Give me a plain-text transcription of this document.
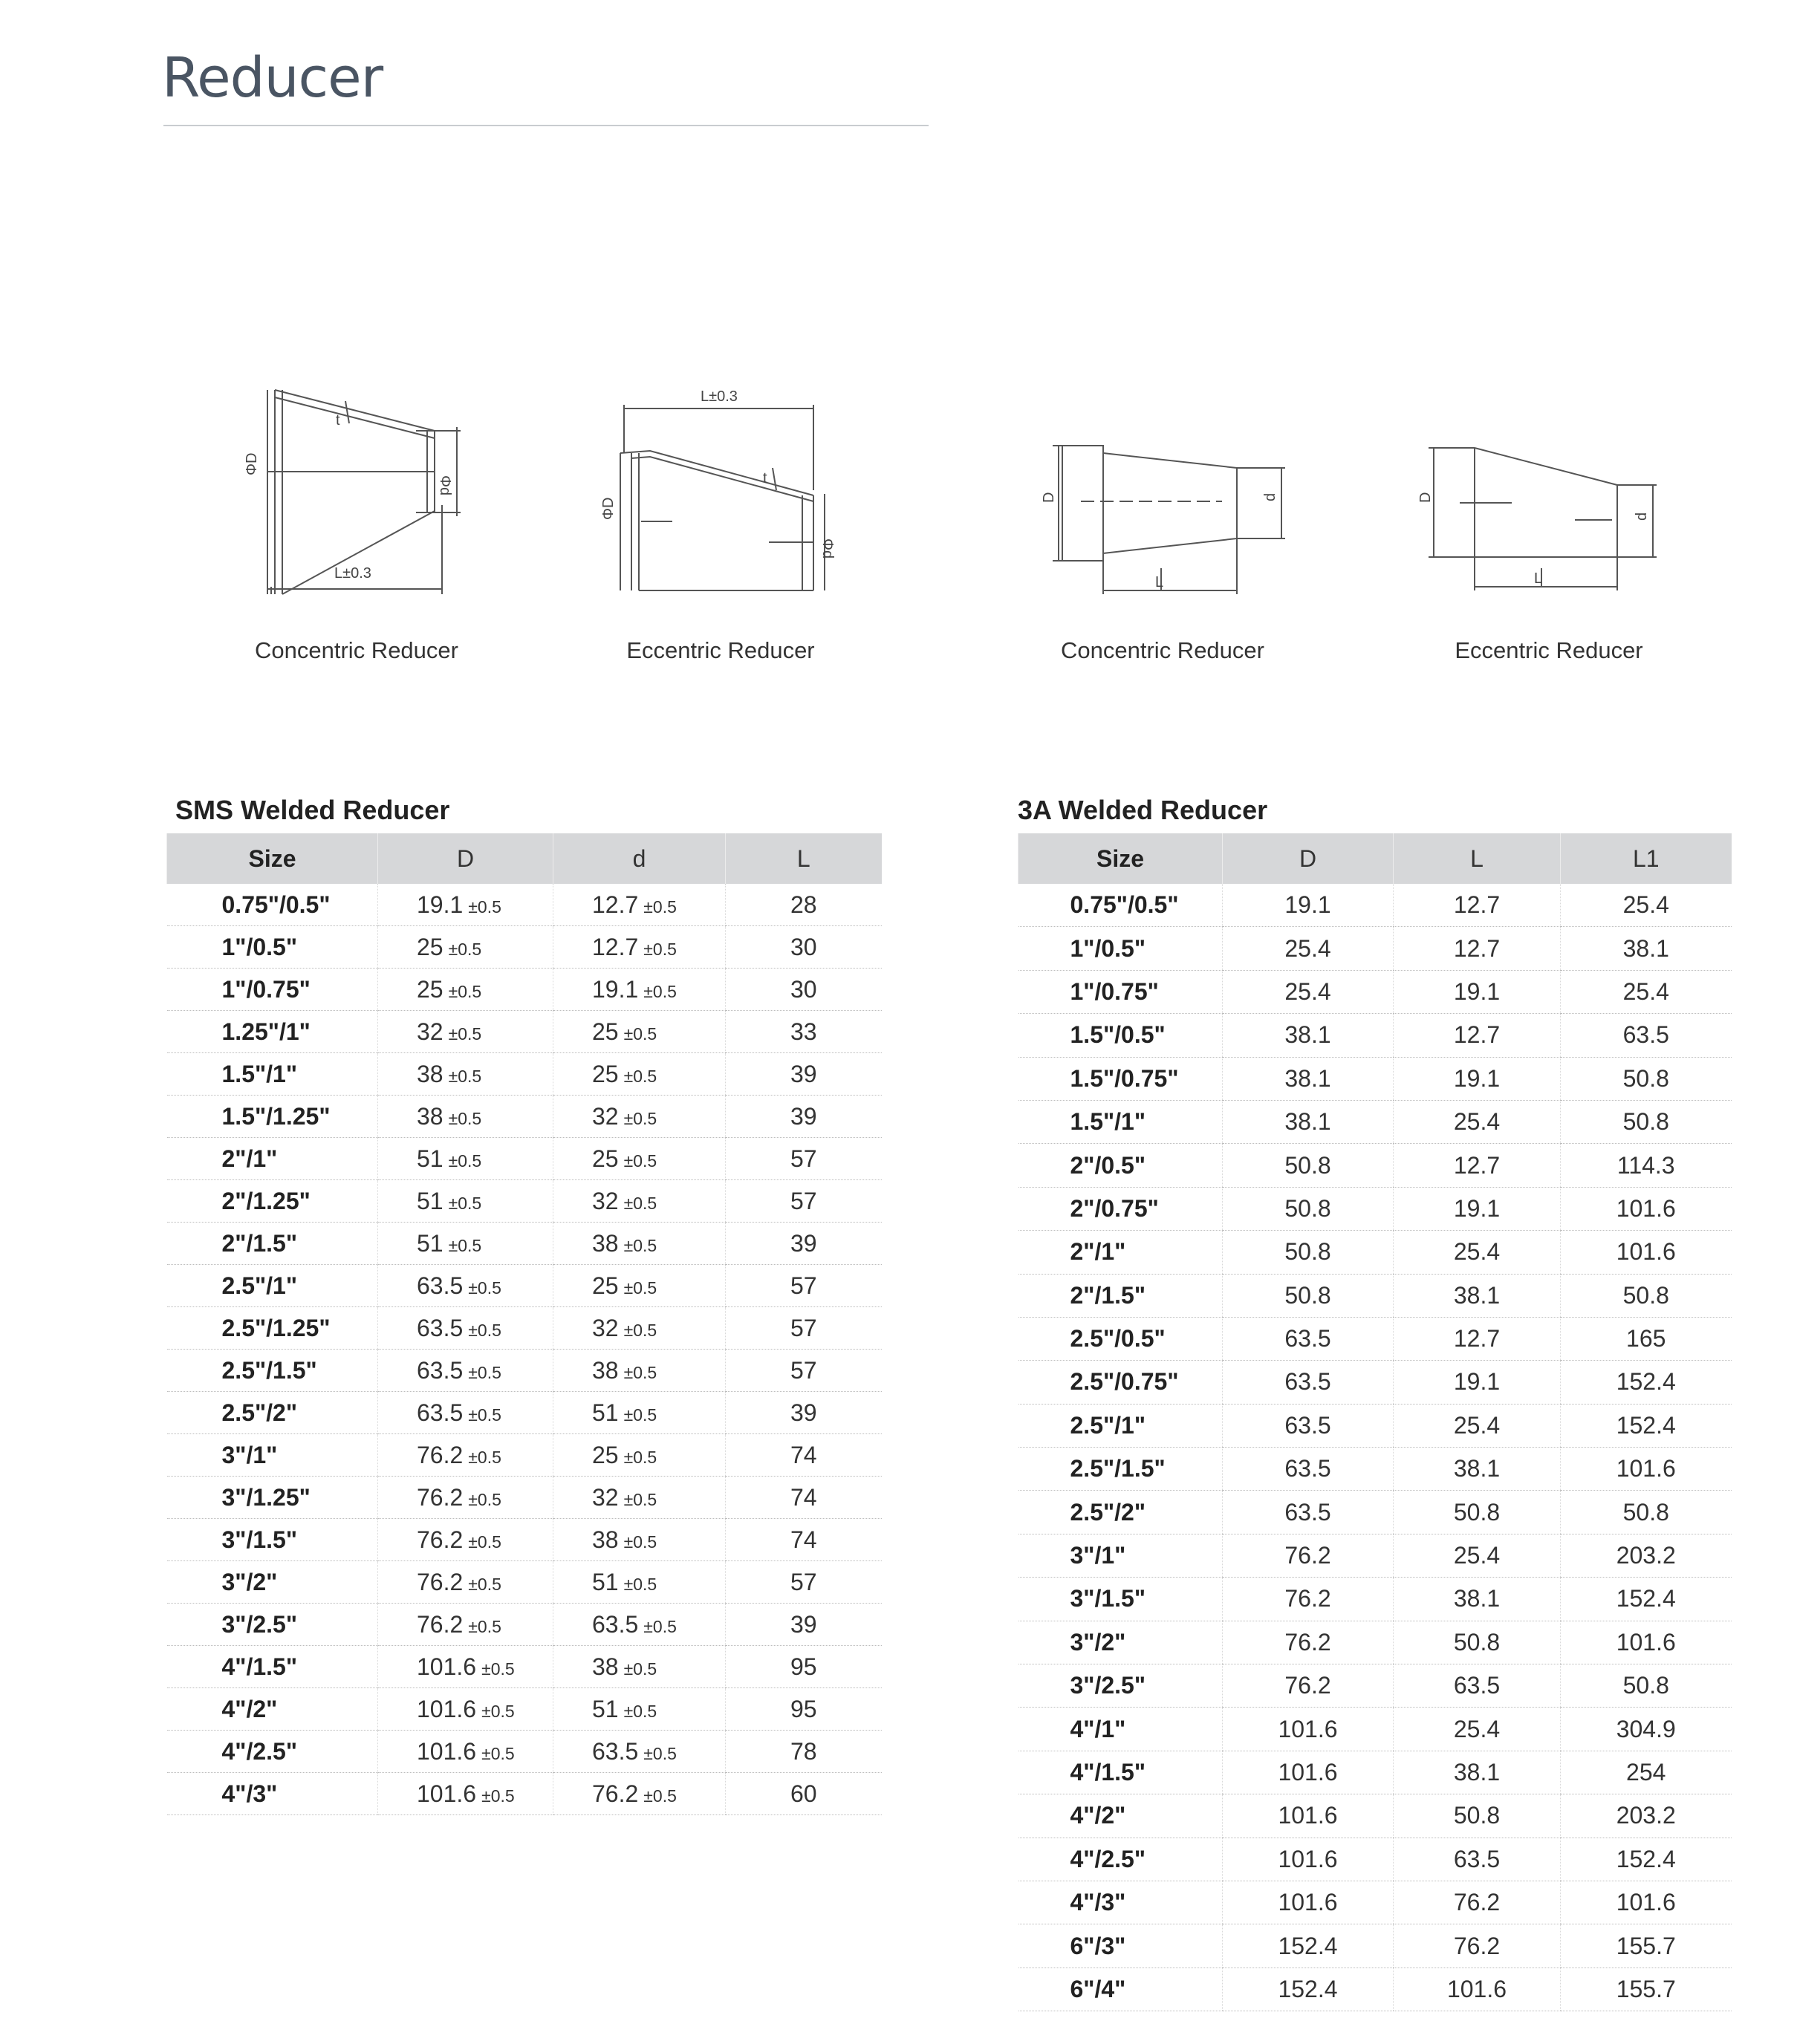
Reducer
ΦD
Φd
L±0.3
t
Concentric Reducer
L±0.3
ΦD
Φd
t
Eccentric Reducer
D	d
L
Concentric Reducer
D
d
L
Eccentric Reducer
SMS Welded Reducer	3A Welded Reducer
Size	D	d	L
0.75"/0.5"	19.1 ±0.5	12.7 ±0.5	28
1"/0.5"	25 ±0.5	12.7 ±0.5	30
1"/0.75"	25 ±0.5	19.1 ±0.5	30
1.25"/1"	32 ±0.5	25 ±0.5	33
1.5"/1"	38 ±0.5	25 ±0.5	39
1.5"/1.25"	38 ±0.5	32 ±0.5	39
2"/1"	51 ±0.5	25 ±0.5	57
2"/1.25"	51 ±0.5	32 ±0.5	57
2"/1.5"	51 ±0.5	38 ±0.5	39
2.5"/1"	63.5 ±0.5	25 ±0.5	57
2.5"/1.25"	63.5 ±0.5	32 ±0.5	57
2.5"/1.5"	63.5 ±0.5	38 ±0.5	57
2.5"/2"	63.5 ±0.5	51 ±0.5	39
3"/1"	76.2 ±0.5	25 ±0.5	74
3"/1.25"	76.2 ±0.5	32 ±0.5	74
3"/1.5"	76.2 ±0.5	38 ±0.5	74
3"/2"	76.2 ±0.5	51 ±0.5	57
3"/2.5"	76.2 ±0.5	63.5 ±0.5	39
4"/1.5"	101.6 ±0.5	38 ±0.5	95
4"/2"	101.6 ±0.5	51 ±0.5	95
4"/2.5"	101.6 ±0.5	63.5 ±0.5	78
4"/3"	101.6 ±0.5	76.2 ±0.5	60
Size	D	L	L1
0.75"/0.5"	19.1	12.7	25.4
1"/0.5"	25.4	12.7	38.1
1"/0.75"	25.4	19.1	25.4
1.5"/0.5"	38.1	12.7	63.5
1.5"/0.75"	38.1	19.1	50.8
1.5"/1"	38.1	25.4	50.8
2"/0.5"	50.8	12.7	114.3
2"/0.75"	50.8	19.1	101.6
2"/1"	50.8	25.4	101.6
2"/1.5"	50.8	38.1	50.8
2.5"/0.5"	63.5	12.7	165
2.5"/0.75"	63.5	19.1	152.4
2.5"/1"	63.5	25.4	152.4
2.5"/1.5"	63.5	38.1	101.6
2.5"/2"	63.5	50.8	50.8
3"/1"	76.2	25.4	203.2
3"/1.5"	76.2	38.1	152.4
3"/2"	76.2	50.8	101.6
3"/2.5"	76.2	63.5	50.8
4"/1"	101.6	25.4	304.9
4"/1.5"	101.6	38.1	254
4"/2"	101.6	50.8	203.2
4"/2.5"	101.6	63.5	152.4
4"/3"	101.6	76.2	101.6
6"/3"	152.4	76.2	155.7
6"/4"	152.4	101.6	155.7
